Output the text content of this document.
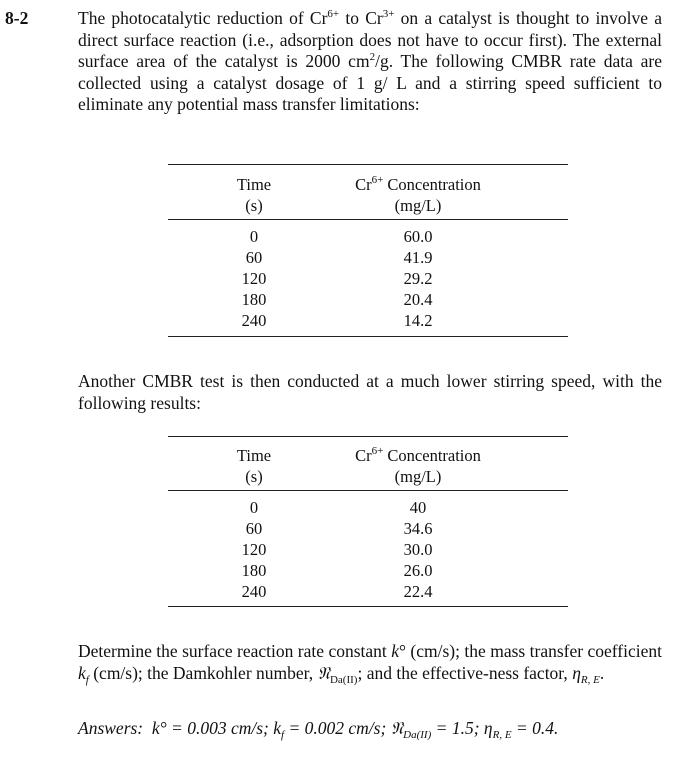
8-2	The photocatalytic reduction of $Cr^{6+}$ to $Cr^{3+}$ on a catalyst is thought to involve a direct surface reaction (i.e., adsorption does not have to occur first). The external surface area of the catalyst is 2000 $cm^2/g$. The following CMBR rate data are collected using a catalyst dosage of 1 g/ L and a stirring speed sufficient to eliminate any potential mass transfer limitations:
Time
(s)
$Cr^{6+}$ Concentration
(mg/L)
0
60
120
180
240
60.0
41.9
29.2
20.4
14.2
Another CMBR test is then conducted at a much lower stirring speed, with the following results:
Time
(s)
$Cr^{6+}$ Concentration
(mg/L)
0
60
120
180
240
40
34.6
30.0
26.0
22.4
Determine the surface reaction rate constant k° (cm/s); the mass transfer coefficient $k_f$ (cm/s); the Damkohler number, 𝔑$_{Da(II)}$; and the effective-ness factor, $\eta_{R, E}$.
Answers: k° = 0.003 cm/s; $k_f = 0.002$ cm/s; 𝔑$_{Da(II)}$ = 1.5; $\eta_{R, E} = 0.4$.
